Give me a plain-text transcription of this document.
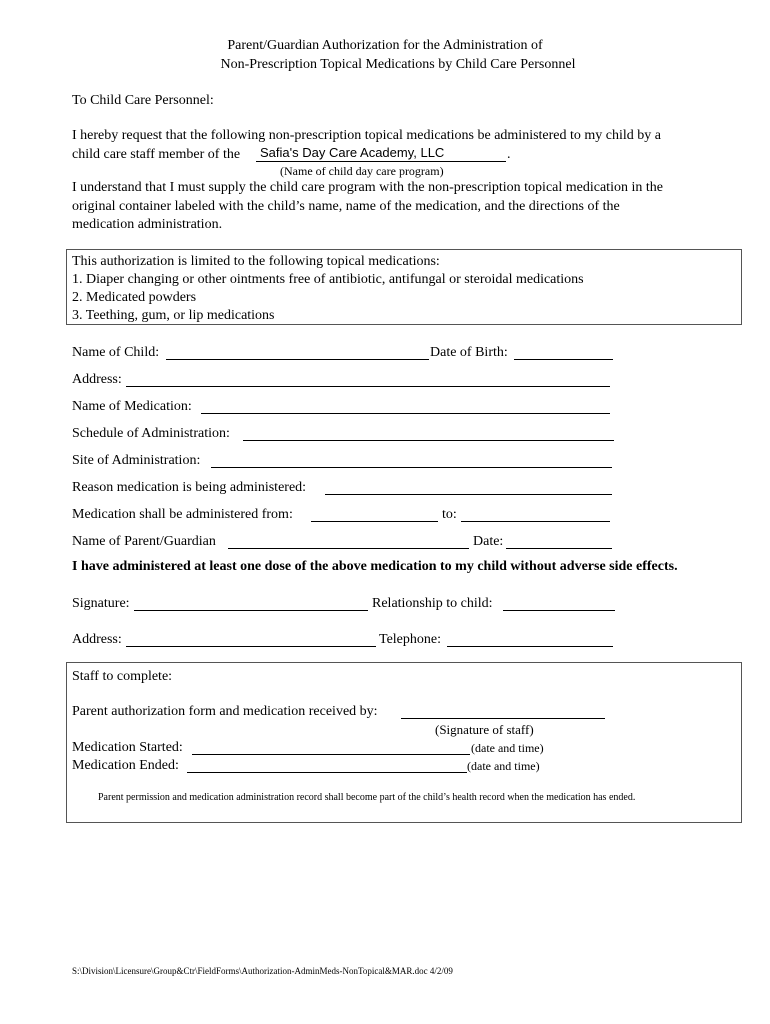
Parent/Guardian Authorization for the Administration of
Non-Prescription Topical Medications by Child Care Personnel
To Child Care Personnel:
I hereby request that the following non-prescription topical medications be administered to my child by a
child care staff member of the Safia's Day Care Academy, LLC	.
(Name of child day care program)
I understand that I must supply the child care program with the non-prescription topical medication in the
original container labeled with the child’s name, name of the medication, and the directions of the
medication administration.
This authorization is limited to the following topical medications:
1. Diaper changing or other ointments free of antibiotic, antifungal or steroidal medications
2. Medicated powders
3. Teething, gum, or lip medications
Name of Child:	Date of Birth:
Address:
Name of Medication:
Schedule of Administration:
Site of Administration:
Reason medication is being administered:
Medication shall be administered from:	to:
Name of Parent/Guardian	Date:
I have administered at least one dose of the above medication to my child without adverse side effects.
Signature:	Relationship to child:
Address:	Telephone:
Staff to complete:
Parent authorization form and medication received by:
(Signature of staff)
Medication Started:	(date and time)
Medication Ended:	(date and time)
Parent permission and medication administration record shall become part of the child’s health record when the medication has ended.
S:\Division\Licensure\Group&Ctr\FieldForms\Authorization-AdminMeds-NonTopical&MAR.doc 4/2/09
